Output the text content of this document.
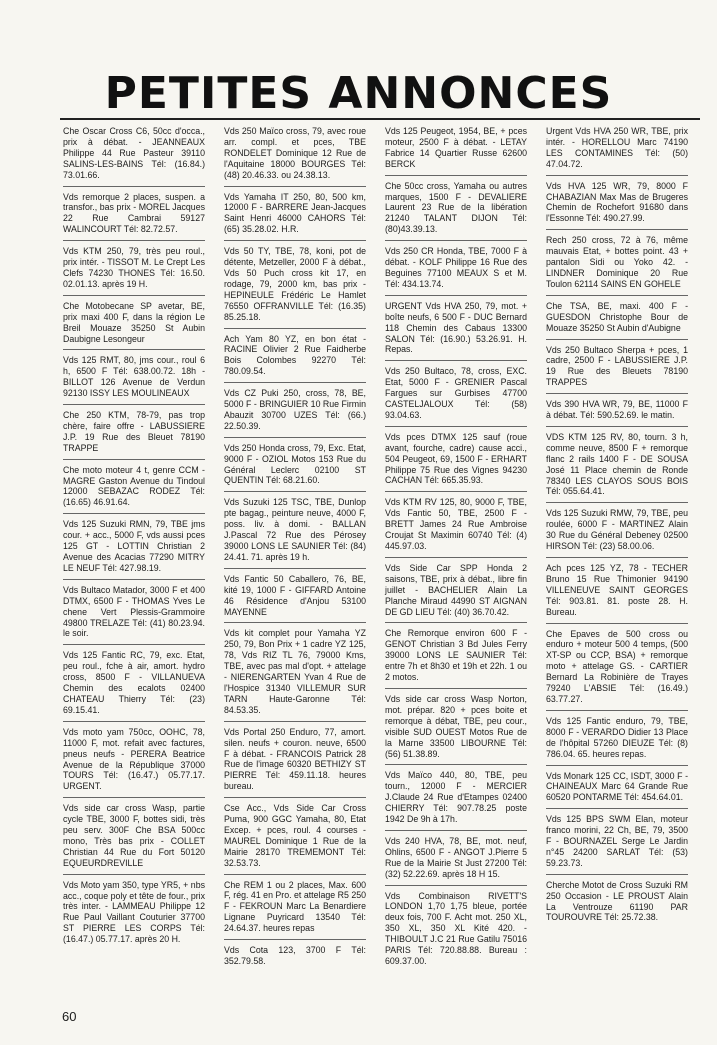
PETITES ANNONCES
Che Oscar Cross C6, 50cc d'occa., prix à débat. - JEANNEAUX Philippe 44 Rue Pasteur 39110 SALINS-LES-BAINS Tél: (16.84.) 73.01.66.
Vds remorque 2 places, suspen. a transfor., bas prix - MOREL Jacques 22 Rue Cambrai 59127 WALINCOURT Tél: 82.72.57.
Vds KTM 250, 79, très peu roul., prix intér. - TISSOT M. Le Crept Les Clefs 74230 THONES Tél: 16.50. 02.01.13. après 19 H.
Che Motobecane SP avetar, BE, prix maxi 400 F, dans la région Le Breil Mouaze 35250 St Aubin Daubigne Lesongeur
Vds 125 RMT, 80, jms cour., roul 6 h, 6500 F Tél: 638.00.72. 18h - BILLOT 126 Avenue de Verdun 92130 ISSY LES MOULINEAUX
Che 250 KTM, 78-79, pas trop chère, faire offre - LABUSSIERE J.P. 19 Rue des Bleuet 78190 TRAPPE
Che moto moteur 4 t, genre CCM - MAGRE Gaston Avenue du Tindoul 12000 SEBAZAC RODEZ Tél: (16.65) 46.91.64.
Vds 125 Suzuki RMN, 79, TBE jms cour. + acc., 5000 F, vds aussi pces 125 GT - LOTTIN Christian 2 Avenue des Acacias 77290 MITRY LE NEUF Tél: 427.98.19.
Vds Bultaco Matador, 3000 F et 400 DTMX, 6500 F - THOMAS Yves Le chene Vert Plessis-Grammoire 49800 TRELAZE Tél: (41) 80.23.94. le soir.
Vds 125 Fantic RC, 79, exc. Etat, peu roul., fche à air, amort. hydro cross, 8500 F - VILLANUEVA Chemin des ecalots 02400 CHATEAU Thierry Tél: (23) 69.15.41.
Vds moto yam 750cc, OOHC, 78, 11000 F, mot. refait avec factures, pneus neufs - PERERA Beatrice Avenue de la République 37000 TOURS Tél: (16.47.) 05.77.17. URGENT.
Vds side car cross Wasp, partie cycle TBE, 3000 F, bottes sidi, très peu serv. 300F Che BSA 500cc mono, Très bas prix - COLLET Christian 44 Rue du Fort 50120 EQUEURDREVILLE
Vds Moto yam 350, type YR5, + nbs acc., coque poly et tête de four., prix très inter. - LAMMEAU Philippe 12 Rue Paul Vaillant Couturier 37700 ST PIERRE LES CORPS Tél: (16.47.) 05.77.17. après 20 H.
Vds 250 Maïco cross, 79, avec roue arr. compl. et pces, TBE RONDELET Dominique 12 Rue de l'Aquitaine 18000 BOURGES Tél: (48) 20.46.33. ou 24.38.13.
Vds Yamaha IT 250, 80, 500 km, 12000 F - BARRERE Jean-Jacques Saint Henri 46000 CAHORS Tél: (65) 35.28.02. H.R.
Vds 50 TY, TBE, 78, koni, pot de détente, Metzeller, 2000 F à débat., Vds 50 Puch cross kit 17, en rodage, 79, 2000 km, bas prix - HEPINEULE Frédéric Le Hamlet 76550 OFFRANVILLE Tél: (16.35) 85.25.18.
Ach Yam 80 YZ, en bon état - RACINE Olivier 2 Rue Faidherbe Bois Colombes 92270 Tél: 780.09.54.
Vds CZ Puki 250, cross, 78, BE, 5000 F - BRINGUIER 10 Rue Firmin Abauzit 30700 UZES Tél: (66.) 22.50.39.
Vds 250 Honda cross, 79, Exc. Etat, 9000 F - OZIOL Motos 153 Rue du Général Leclerc 02100 ST QUENTIN Tél: 68.21.60.
Vds Suzuki 125 TSC, TBE, Dunlop pte bagag., peinture neuve, 4000 F, poss. liv. à domi. - BALLAN J.Pascal 72 Rue des Pérosey 39000 LONS LE SAUNIER Tél: (84) 24.41. 71. après 19 h.
Vds Fantic 50 Caballero, 76, BE, kité 19, 1000 F - GIFFARD Antoine 46 Résidence d'Anjou 53100 MAYENNE
Vds kit complet pour Yamaha YZ 250, 79, Bon Prix + 1 cadre YZ 125, 78, Vds RIZ TL 76, 79000 Kms, TBE, avec pas mal d'opt. + attelage - NIERENGARTEN Yvan 4 Rue de l'Hospice 31340 VILLEMUR SUR TARN Haute-Garonne Tél: 84.53.35.
Vds Portal 250 Enduro, 77, amort. silen. neufs + couron. neuve, 6500 F à débat. - FRANCOIS Patrick 28 Rue de l'image 60320 BETHIZY ST PIERRE Tél: 459.11.18. heures bureau.
Cse Acc., Vds Side Car Cross Puma, 900 GGC Yamaha, 80, Etat Excep. + pces, roul. 4 courses - MAUREL Dominique 1 Rue de la Mairie 28170 TREMEMONT Tél: 32.53.73.
Che REM 1 ou 2 places, Max. 600 F, rég. 41 en Pro. et attelage R5 250 F - FEKROUN Marc La Benardiere Lignane Puyricard 13540 Tél: 24.64.37. heures repas
Vds Cota 123, 3700 F Tél: 352.79.58.
Vds 125 Peugeot, 1954, BE, + pces moteur, 2500 F à débat. - LETAY Fabrice 14 Quartier Russe 62600 BERCK
Che 50cc cross, Yamaha ou autres marques, 1500 F - DEVALIERE Laurent 23 Rue de la libération 21240 TALANT DIJON Tél: (80)43.39.13.
Vds 250 CR Honda, TBE, 7000 F à débat. - KOLF Philippe 16 Rue des Beguines 77100 MEAUX S et M. Tél: 434.13.74.
URGENT Vds HVA 250, 79, mot. + boîte neufs, 6 500 F - DUC Bernard 118 Chemin des Cabaus 13300 SALON Tél: (16.90.) 53.26.91. H. Repas.
Vds 250 Bultaco, 78, cross, EXC. Etat, 5000 F - GRENIER Pascal Fargues sur Gurbises 47700 CASTELJALOUX Tél: (58) 93.04.63.
Vds pces DTMX 125 sauf (roue avant, fourche, cadre) cause acci., 504 Peugeot, 69, 1500 F - ERHART Philippe 75 Rue des Vignes 94230 CACHAN Tél: 665.35.93.
Vds KTM RV 125, 80, 9000 F, TBE, Vds Fantic 50, TBE, 2500 F - BRETT James 24 Rue Ambroise Croujat St Maximin 60740 Tél: (4) 445.97.03.
Vds Side Car SPP Honda 2 saisons, TBE, prix à débat., libre fin juillet - BACHELIER Alain La Planche Miraud 44990 ST AIGNAN DE GD LIEU Tél: (40) 36.70.42.
Che Remorque environ 600 F - GENOT Christian 3 Bd Jules Ferry 39000 LONS LE SAUNIER Tél: entre 7h et 8h30 et 19h et 22h. 1 ou 2 motos.
Vds side car cross Wasp Norton, mot. prépar. 820 + pces boite et remorque à débat, TBE, peu cour., visible SUD OUEST Motos Rue de la Marne 33500 LIBOURNE Tél: (56) 51.38.89.
Vds Maïco 440, 80, TBE, peu tourn., 12000 F - MERCIER J.Claude 24 Rue d'Etampes 02400 CHIERRY Tél: 907.78.25 poste 1942 De 9h à 17h.
Vds 240 HVA, 78, BE, mot. neuf, Ohlins, 6500 F - ANGOT J.Pierre 5 Rue de la Mairie St Just 27200 Tél: (32) 52.22.69. après 18 H 15.
Vds Combinaison RIVETT'S LONDON 1,70 1,75 bleue, portée deux fois, 700 F. Acht mot. 250 XL, 350 XL, 350 XL Kité 420. - THIBOULT J.C 21 Rue Gatilu 75016 PARIS Tél: 720.88.88. Bureau : 609.37.00.
Urgent Vds HVA 250 WR, TBE, prix intér. - HORELLOU Marc 74190 LES CONTAMINES Tél: (50) 47.04.72.
Vds HVA 125 WR, 79, 8000 F CHABAZIAN Max Mas de Brugeres Chemin de Rochefort 91680 dans l'Essonne Tél: 490.27.99.
Rech 250 cross, 72 à 76, même mauvais Etat, + bottes point. 43 + pantalon Sidi ou Yoko 42. - LINDNER Dominique 20 Rue Toulon 62114 SAINS EN GOHELE
Che TSA, BE, maxi. 400 F - GUESDON Christophe Bour de Mouaze 35250 St Aubin d'Aubigne
Vds 250 Bultaco Sherpa + pces, 1 cadre, 2500 F - LABUSSIERE J.P. 19 Rue des Bleuets 78190 TRAPPES
Vds 390 HVA WR, 79, BE, 11000 F à débat. Tél: 590.52.69. le matin.
VDS KTM 125 RV, 80, tourn. 3 h, comme neuve, 8500 F + remorque flanc 2 rails 1400 F - DE SOUSA José 11 Place chemin de Ronde 78340 LES CLAYOS SOUS BOIS Tél: 055.64.41.
Vds 125 Suzuki RMW, 79, TBE, peu roulée, 6000 F - MARTINEZ Alain 30 Rue du Général Debeney 02500 HIRSON Tél: (23) 58.00.06.
Ach pces 125 YZ, 78 - TECHER Bruno 15 Rue Thimonier 94190 VILLENEUVE SAINT GEORGES Tél: 903.81. 81. poste 28. H. Bureau.
Che Epaves de 500 cross ou enduro + moteur 500 4 temps, (500 XT-SP ou CCP, BSA) + remorque moto + attelage GS. - CARTIER Bernard La Robinière de Trayes 79240 L'ABSIE Tél: (16.49.) 63.77.27.
Vds 125 Fantic enduro, 79, TBE, 8000 F - VERARDO Didier 13 Place de l'hôpital 57260 DIEUZE Tél: (8) 786.04. 65. heures repas.
Vds Monark 125 CC, ISDT, 3000 F - CHAINEAUX Marc 64 Grande Rue 60520 PONTARME Tél: 454.64.01.
Vds 125 BPS SWM Elan, moteur franco morini, 22 Ch, BE, 79, 3500 F - BOURNAZEL Serge Le Jardin n°45 24200 SARLAT Tél: (53) 59.23.73.
Cherche Motot de Cross Suzuki RM 250 Occasion - LE PROUST Alain La Ventrouze 61190 PAR TOUROUVRE Tél: 25.72.38.
60
